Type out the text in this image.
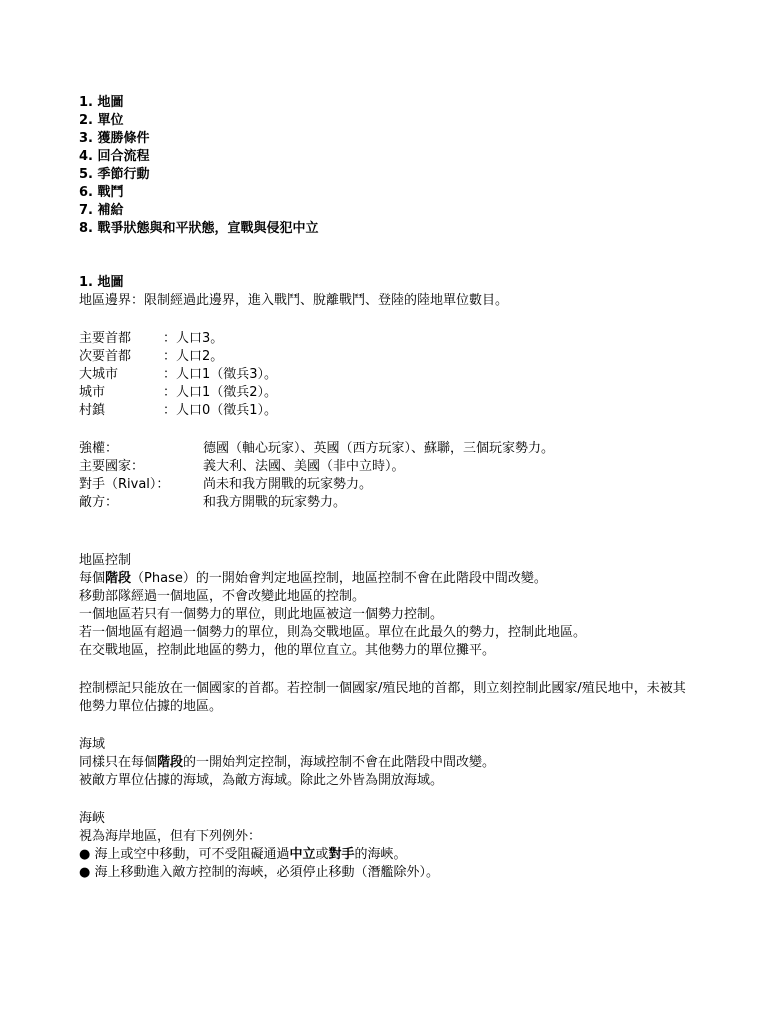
1. 地圖
2. 單位
3. 獲勝條件
4. 回合流程
5. 季節行動
6. 戰鬥
7. 補給
8. 戰爭狀態與和平狀態，宣戰與侵犯中立
1. 地圖
地區邊界：限制經過此邊界，進入戰鬥、脫離戰鬥、登陸的陸地單位數目。
主要首都	：人口3。
次要首都	：人口2。
大城市	：人口1（徵兵3）。
城市	：人口1（徵兵2）。
村鎮	：人口0（徵兵1）。
強權：	德國（軸心玩家）、英國（西方玩家）、蘇聯，三個玩家勢力。
主要國家：	義大利、法國、美國（非中立時）。
對手（Rival）：	尚未和我方開戰的玩家勢力。
敵方：	和我方開戰的玩家勢力。
地區控制
每個階段（Phase）的一開始會判定地區控制，地區控制不會在此階段中間改變。
移動部隊經過一個地區，不會改變此地區的控制。
一個地區若只有一個勢力的單位，則此地區被這一個勢力控制。
若一個地區有超過一個勢力的單位，則為交戰地區。單位在此最久的勢力，控制此地區。
在交戰地區，控制此地區的勢力，他的單位直立。其他勢力的單位攤平。
控制標記只能放在一個國家的首都。若控制一個國家/殖民地的首都，則立刻控制此國家/殖民地中，未被其他勢力單位佔據的地區。
海域
同樣只在每個階段的一開始判定控制，海域控制不會在此階段中間改變。
被敵方單位佔據的海域，為敵方海域。除此之外皆為開放海域。
海峽
視為海岸地區，但有下列例外：
● 海上或空中移動，可不受阻礙通過中立或對手的海峽。
● 海上移動進入敵方控制的海峽，必須停止移動（潛艦除外）。
